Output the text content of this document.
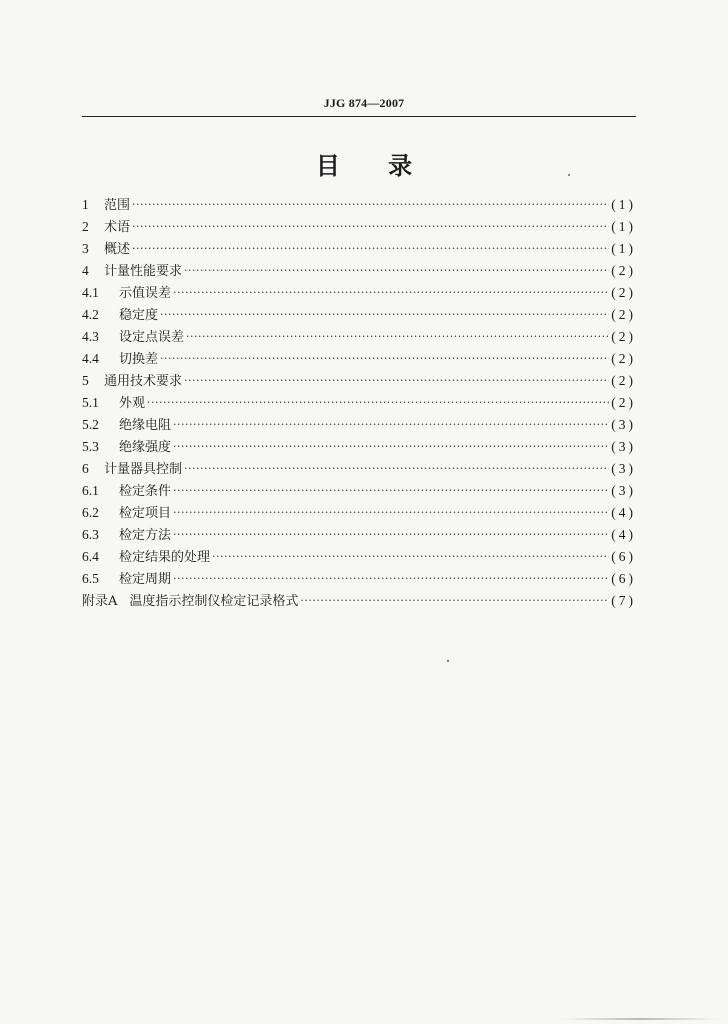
JJG 874—2007
目 录
1	范围 ·····	(1)
2	术语 ·····	(1)
3	概述 ·····	(1)
4	计量性能要求 ·····	(2)
4.1	示值误差 ·····	(2)
4.2	稳定度 ·····	(2)
4.3	设定点误差 ·····	(2)
4.4	切换差 ·····	(2)
5	通用技术要求 ·····	(2)
5.1	外观 ·····	(2)
5.2	绝缘电阻 ·····	(3)
5.3	绝缘强度 ·····	(3)
6	计量器具控制 ·····	(3)
6.1	检定条件 ·····	(3)
6.2	检定项目 ·····	(4)
6.3	检定方法 ·····	(4)
6.4	检定结果的处理 ·····	(6)
6.5	检定周期 ·····	(6)
附录A 温度指示控制仪检定记录格式 ·····	(7)
